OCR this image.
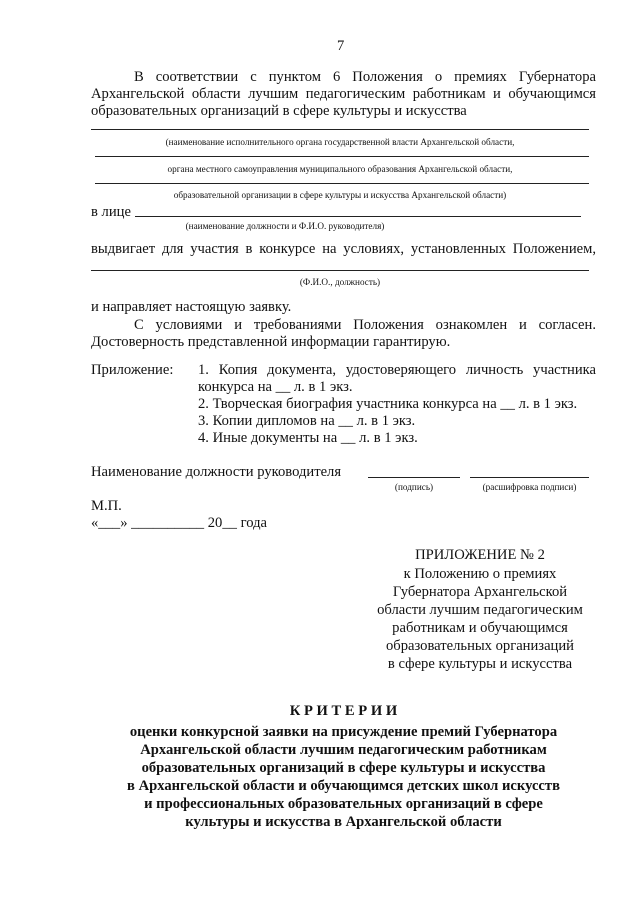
7
В соответствии с пунктом 6 Положения о премиях Губернатора
Архангельской области лучшим педагогическим работникам и обучающимся
образовательных организаций в сфере культуры и искусства
(наименование исполнительного органа государственной власти Архангельской области,
органа местного самоуправления муниципального образования Архангельской области,
образовательной организации в сфере культуры и искусства Архангельской области)
в лице
(наименование должности и Ф.И.О. руководителя)
выдвигает для участия в конкурсе на условиях, установленных Положением,
(Ф.И.О., должность)
и направляет настоящую заявку.
С условиями и требованиями Положения ознакомлен и согласен.
Достоверность представленной информации гарантирую.
Приложение: 1. Копия документа, удостоверяющего личность участника
конкурса на __ л. в 1 экз.
2. Творческая биография участника конкурса на __ л. в 1 экз.
3. Копии дипломов на __ л. в 1 экз.
4. Иные документы на __ л. в 1 экз.
Наименование должности руководителя
(подпись)	(расшифровка подписи)
М.П.
«___» __________ 20__ года
ПРИЛОЖЕНИЕ № 2
к Положению о премиях
Губернатора Архангельской
области лучшим педагогическим
работникам и обучающимся
образовательных организаций
в сфере культуры и искусства
К Р И Т Е Р И И
оценки конкурсной заявки на присуждение премий Губернатора
Архангельской области лучшим педагогическим работникам
образовательных организаций в сфере культуры и искусства
в Архангельской области и обучающимся детских школ искусств
и профессиональных образовательных организаций в сфере
культуры и искусства в Архангельской области
